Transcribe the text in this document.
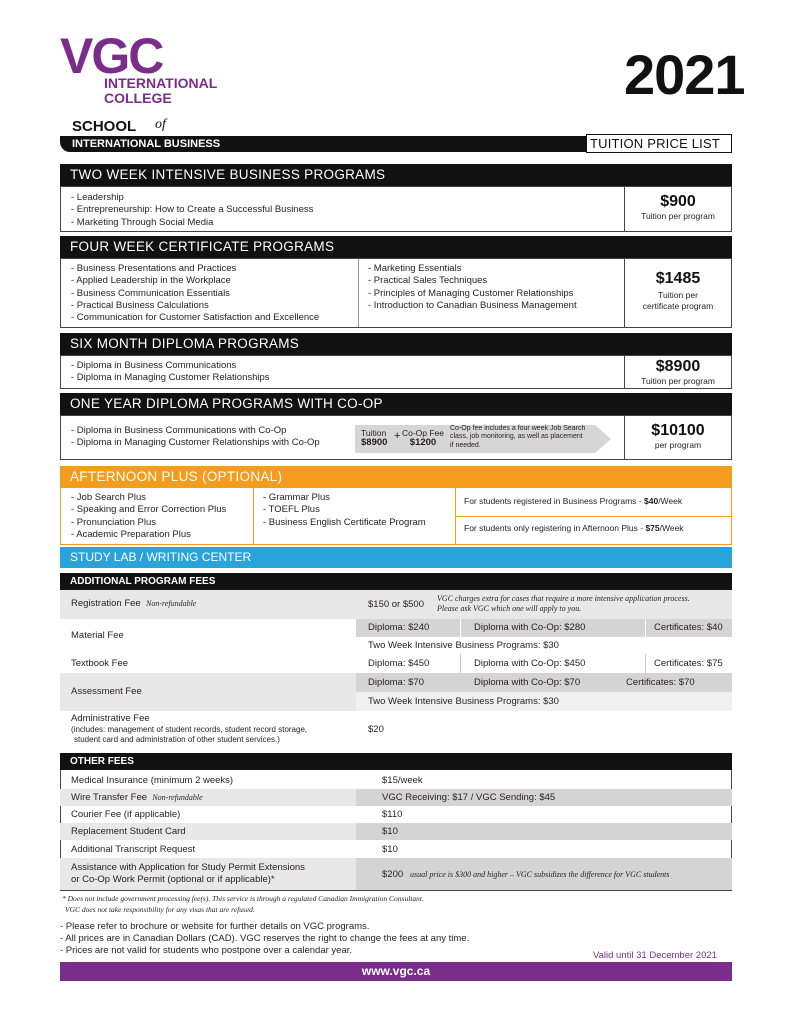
VGC
INTERNATIONAL
COLLEGE	2021
SCHOOL of
INTERNATIONAL BUSINESS	TUITION PRICE LIST
TWO WEEK INTENSIVE BUSINESS PROGRAMS
- Leadership
- Entrepreneurship: How to Create a Successful Business
- Marketing Through Social Media
$900
Tuition per program
FOUR WEEK CERTIFICATE PROGRAMS
- Business Presentations and Practices
- Applied Leadership in the Workplace
- Business Communication Essentials
- Practical Business Calculations
- Communication for Customer Satisfaction and Excellence
- Marketing Essentials
- Practical Sales Techniques
- Principles of Managing Customer Relationships
- Introduction to Canadian Business Management
$1485
Tuition per
certificate program
SIX MONTH DIPLOMA PROGRAMS
- Diploma in Business Communications
- Diploma in Managing Customer Relationships
$8900
Tuition per program
ONE YEAR DIPLOMA PROGRAMS WITH CO-OP
- Diploma in Business Communications with Co-Op
- Diploma in Managing Customer Relationships with Co-Op
Tuition
$8900
+ Co-Op Fee
$1200
Co-Op fee includes a four week Job Search
class, job monitoring, as well as placement
if needed.
$10100
per program
AFTERNOON PLUS (OPTIONAL)
- Job Search Plus
- Speaking and Error Correction Plus
- Pronunciation Plus
- Academic Preparation Plus
- Grammar Plus
- TOEFL Plus
- Business English Certificate Program
For students registered in Business Programs - $40/Week
For students only registering in Afternoon Plus - $75/Week
STUDY LAB / WRITING CENTER
ADDITIONAL PROGRAM FEES
Registration Fee Non-refundable	$150 or $500
VGC charges extra for cases that require a more intensive application process.
Please ask VGC which one will apply to you.
Material Fee
Diploma: $240	Diploma with Co-Op: $280	Certificates: $40
Two Week Intensive Business Programs: $30
Textbook Fee	Diploma: $450	Diploma with Co-Op: $450	Certificates: $75
Assessment Fee
Diploma: $70	Diploma with Co-Op: $70	Certificates: $70
Two Week Intensive Business Programs: $30
Administrative Fee
(includes: management of student records, student record storage,
student card and administration of other student services.)
$20
OTHER FEES
Medical Insurance (minimum 2 weeks)	$15/week
Wire Transfer Fee Non-refundable	VGC Receiving: $17 / VGC Sending: $45
Courier Fee (if applicable)	$110
Replacement Student Card	$10
Additional Transcript Request	$10
Assistance with Application for Study Permit Extensions
or Co-Op Work Permit (optional or if applicable)*	$200 usual price is $300 and higher – VGC subsidizes the difference for VGC students
* Does not include government processing fee(s). This service is through a regulated Canadian Immigration Consultant.
VGC does not take responsibility for any visas that are refused.
- Please refer to brochure or website for further details on VGC programs.
- All prices are in Canadian Dollars (CAD). VGC reserves the right to change the fees at any time.
- Prices are not valid for students who postpone over a calendar year.	Valid until 31 December 2021
www.vgc.ca
